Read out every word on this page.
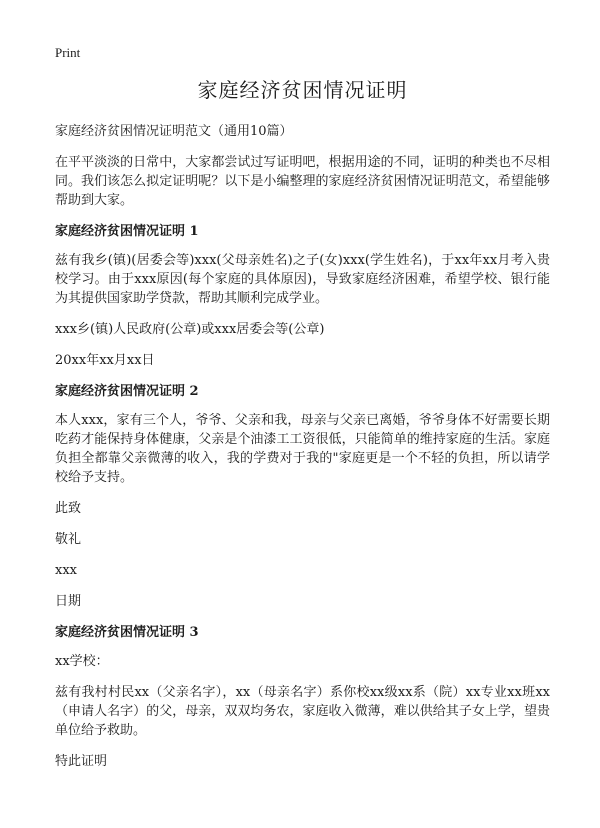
Print
家庭经济贫困情况证明

家庭经济贫困情况证明范文（通用10篇）

在平平淡淡的日常中，大家都尝试过写证明吧，根据用途的不同，证明的种类也不尽相同。我们该怎么拟定证明呢？以下是小编整理的家庭经济贫困情况证明范文，希望能够帮助到大家。

家庭经济贫困情况证明 1

兹有我乡(镇)(居委会等)xxx(父母亲姓名)之子(女)xxx(学生姓名)，于xx年xx月考入贵校学习。由于xxx原因(每个家庭的具体原因)，导致家庭经济困难，希望学校、银行能为其提供国家助学贷款，帮助其顺利完成学业。

xxx乡(镇)人民政府(公章)或xxx居委会等(公章)

20xx年xx月xx日

家庭经济贫困情况证明 2

本人xxx，家有三个人，爷爷、父亲和我，母亲与父亲已离婚，爷爷身体不好需要长期吃药才能保持身体健康，父亲是个油漆工工资很低，只能简单的维持家庭的生活。家庭负担全都靠父亲微薄的收入，我的学费对于我的"家庭更是一个不轻的负担，所以请学校给予支持。

此致

敬礼

xxx

日期

家庭经济贫困情况证明 3

xx学校：

兹有我村村民xx（父亲名字），xx（母亲名字）系你校xx级xx系（院）xx专业xx班xx（申请人名字）的父，母亲，双双均务农，家庭收入微薄，难以供给其子女上学，望贵单位给予救助。

特此证明
